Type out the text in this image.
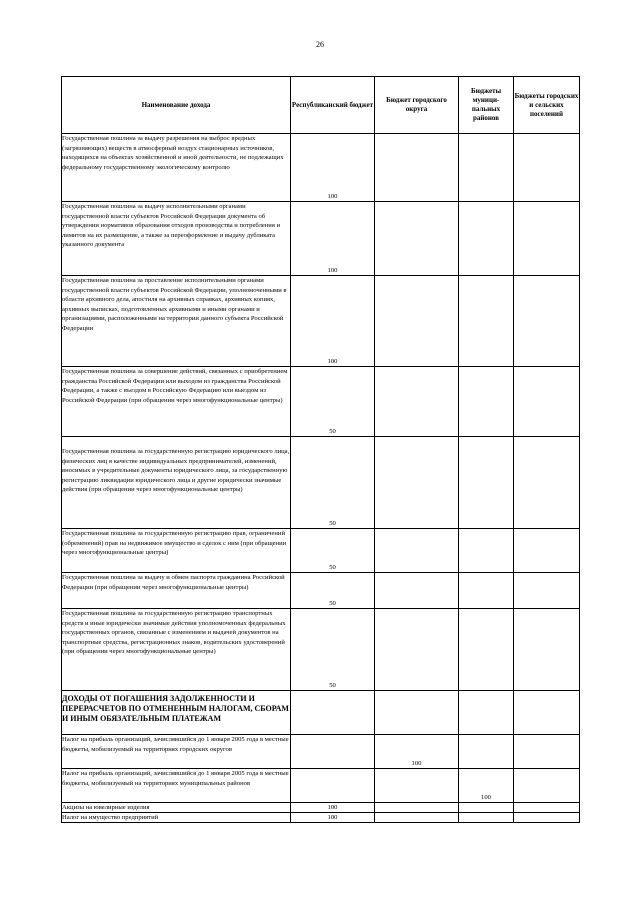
26
Наименование дохода	Республиканский бюджет	Бюджет городского округа	Бюджеты муници-пальных районов	Бюджеты городских и сельских поселений
Государственная пошлина за выдачу разрешения на выброс вредных (загрязняющих) веществ в атмосферный воздух стационарных источников, находящихся на объектах хозяйственной и иной деятельности, не подлежащих федеральному государственному экологическому контролю	100			
Государственная пошлина за выдачу исполнительными органами государственной власти субъектов Российской Федерации документа об утверждении нормативов образования отходов производства и потребления и лимитов на их размещение, а также за переоформление и выдачу дубликата указанного документа	100			
Государственная пошлина за проставление исполнительными органами государственной власти субъектов Российской Федерации, уполномоченными в области архивного дела, апостиля на архивных справках, архивных копиях, архивных выписках, подготовленных архивными и иными органами и организациями, расположенными на территории данного субъекта Российской Федерации	100			
Государственная пошлина за совершение действий, связанных с приобретением гражданства Российской Федерации или выходом из гражданства Российской Федерации, а также с въездом в Российскую Федерацию или выездом из Российской Федерации (при обращении через многофункциональные центры)	50			
Государственная пошлина за государственную регистрацию юридического лица, физических лиц в качестве индивидуальных предпринимателей, изменений, вносимых в учредительные документы юридического лица, за государственную регистрацию ликвидации юридического лица и другие юридически значимые действия (при обращении через многофункциональные центры)	50			
Государственная пошлина за государственную регистрацию прав, ограничений (обременений) прав на недвижимое имущество и сделок с ним (при обращении через многофункциональные центры)	50			
Государственная пошлина за выдачу и обмен паспорта гражданина Российской Федерации (при обращении через многофункциональные центры)	50			
Государственная пошлина за государственную регистрацию транспортных средств и иные юридически значимые действия уполномоченных федеральных государственных органов, связанные с изменением и выдачей документов на транспортные средства, регистрационных знаков, водительских удостоверений (при обращении через многофункциональные центры)	50			
ДОХОДЫ ОТ ПОГАШЕНИЯ ЗАДОЛЖЕННОСТИ И ПЕРЕРАСЧЕТОВ ПО ОТМЕНЕННЫМ НАЛОГАМ, СБОРАМ И ИНЫМ ОБЯЗАТЕЛЬНЫМ ПЛАТЕЖАМ				
Налог на прибыль организаций, зачислявшийся до 1 января 2005 года в местные бюджеты, мобилизуемый на территориях городских округов		100		
Налог на прибыль организаций, зачислявшийся до 1 января 2005 года в местные бюджеты, мобилизуемый на территориях муниципальных районов			100	
Акцизы на ювелирные изделия	100			
Налог на имущество предприятий	100			
